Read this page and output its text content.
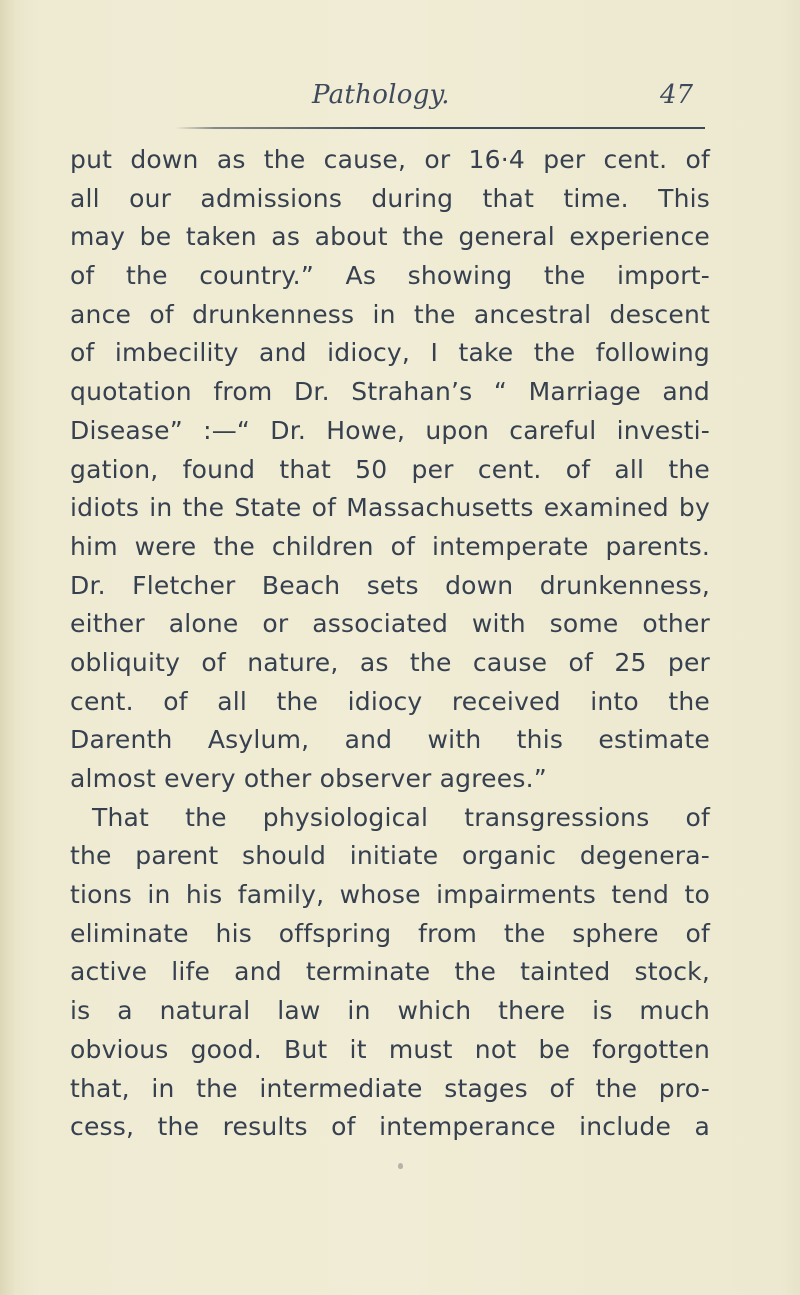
Pathology.	47
put down as the cause, or 16·4 per cent. of
all our admissions during that time. This
may be taken as about the general experience
of the country.” As showing the import-
ance of drunkenness in the ancestral descent
of imbecility and idiocy, I take the following
quotation from Dr. Strahan’s “ Marriage and
Disease” :—“ Dr. Howe, upon careful investi-
gation, found that 50 per cent. of all the
idiots in the State of Massachusetts examined by
him were the children of intemperate parents.
Dr. Fletcher Beach sets down drunkenness,
either alone or associated with some other
obliquity of nature, as the cause of 25 per
cent. of all the idiocy received into the
Darenth Asylum, and with this estimate
almost every other observer agrees.”
That the physiological transgressions of
the parent should initiate organic degenera-
tions in his family, whose impairments tend to
eliminate his offspring from the sphere of
active life and terminate the tainted stock,
is a natural law in which there is much
obvious good. But it must not be forgotten
that, in the intermediate stages of the pro-
cess, the results of intemperance include a
